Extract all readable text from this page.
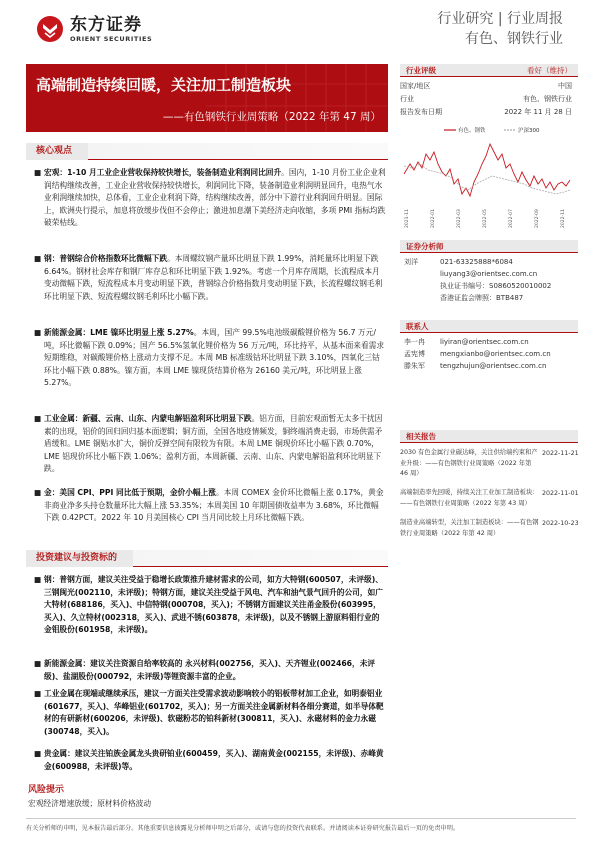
东方证券
ORIENT SECURITIES
行业研究 | 行业周报
有色、钢铁行业
高端制造持续回暖，关注加工制造板块
——有色钢铁行业周策略（2022 年第 47 周）
核心观点
■ 宏观：1-10 月工业企业营收保持较快增长，装备制造业利润同比回升。国内，1-10 月份工业企业利润结构继续改善，工业企业营收保持较快增长，利润同比下降，装备制造业利润明显回升，电热气水业利润继续加快，总体看，工业企业利润下降，结构继续改善，部分中下游行业利润回升明显。国际上，欧洲央行提示，加息将放缓步伐但不会停止；激进加息潮下美经济走向收缩，多项 PMI 指标均跌破荣枯线。
■ 钢：普钢综合价格指数环比微幅下跌。本周螺纹钢产量环比明显下跌 1.99%，消耗量环比明显下跌 6.64%。钢材社会库存和钢厂库存总和环比明显下跌 1.92%。考虑一个月库存周期，长流程成本月变动微幅下跌，短流程成本月变动明显下跌，普钢综合价格指数月变动明显下跌，长流程螺纹钢毛利环比明显下跌、短流程螺纹钢毛利环比小幅下跌。
■ 新能源金属：LME 镍环比明显上涨 5.27%。本周，国产 99.5%电池级碳酸锂价格为 56.7 万元/吨，环比微幅下跌 0.09%；国产 56.5%氢氧化锂价格为 56 万元/吨，环比持平，从基本面来看需求短期维稳，对碳酸锂价格上涨动力支撑不足。本周 MB 标准级钴环比明显下跌 3.10%，四氧化三钴环比小幅下跌 0.88%。镍方面，本周 LME 镍现货结算价格为 26160 美元/吨，环比明显上涨 5.27%。
■ 工业金属：新疆、云南、山东、内蒙电解铝盈利环比明显下跌。铝方面，目前宏观面暂无太多干扰因素的出现，铝价的回归回归基本面逻辑；铜方面，全国各地疫情频发，铜终端消费走弱，市场供需矛盾缓和。LME 铜贴水扩大，铜价反弹空间有限较为有限。本周 LME 铜现价环比小幅下跌 0.70%，LME 铝现价环比小幅下跌 1.06%；盈利方面，本周新疆、云南、山东、内蒙电解铝盈利环比明显下跌。
■ 金：美国 CPI、PPI 同比低于预期，金价小幅上涨。本周 COMEX 金价环比微幅上涨 0.17%，黄金非商业净多头持仓数量环比大幅上涨 53.35%；本周美国 10 年期国债收益率为 3.68%，环比微幅下跌 0.42PCT。2022 年 10 月美国核心 CPI 当月同比较上月环比微幅下跌。
投资建议与投资标的
■ 钢：普钢方面，建议关注受益于稳增长政策推升建材需求的公司，如方大特钢(600507，未评级)、三钢闽光(002110，未评级)；特钢方面，建议关注受益于风电、汽车和油气景气回升的公司，如广大特材(688186，买入)、中信特钢(000708，买入)；不锈钢方面建议关注甬金股份(603995，买入)、久立特材(002318，买入)、武进不锈(603878，未评级)，以及不锈钢上游原料钼行业的金钼股份(601958，未评级)。
■ 新能源金属：建议关注资源自给率较高的 永兴材料(002756，买入)、天齐锂业(002466，未评级)、盐湖股份(000792，未评级)等锂资源丰富的企业。
■ 工业金属在现端或继续承压，建议一方面关注受需求波动影响较小的铝板带材加工企业，如明泰铝业(601677，买入)、华峰铝业(601702，买入)；另一方面关注金属新材料各细分赛道，如半导体靶材的有研新材(600206，未评级)、软磁粉芯的铂科新材(300811，买入)、永磁材料的金力永磁(300748，买入)。
■ 贵金属：建议关注铂族金属龙头贵研铂业(600459，买入)、湖南黄金(002155，未评级)、赤峰黄金(600988，未评级)等。
风险提示
宏观经济增速放缓；原材料价格波动
行业评级	看好（维持）
国家/地区	中国
行业	有色、钢铁行业
报告发布日期	2022 年 11 月 28 日
有色、钢铁	沪深300
2021-11	2022-01	2022-03	2022-05	2022-07	2022-09	2022-11
证券分析师
刘洋	021-63325888*6084
liuyang3@orientsec.com.cn
执业证书编号：S0860520010002
香港证监会牌照：BTB487
联系人
李一冉 liyiran@orientsec.com.cn
孟宪博 mengxianbo@orientsec.com.cn
滕朱军 tengzhujun@orientsec.com.cn
相关报告
2030 有色金属行业碳达峰，关注供给端约束和产业升级：——有色钢铁行业周策略（2022 年第 46 周）
2022-11-21
高端制造率先回暖，持续关注工业加工制造板块：——有色钢铁行业周策略（2022 年第 43 周）
2022-11-01
制造业高端转型，关注加工制造板块：——有色钢铁行业周策略（2022 年第 42 周）
2022-10-23
有关分析师的申明，见本报告最后部分。其他重要信息披露见分析师申明之后部分，或请与您的投资代表联系。并请阅读本证券研究报告最后一页的免责申明。
